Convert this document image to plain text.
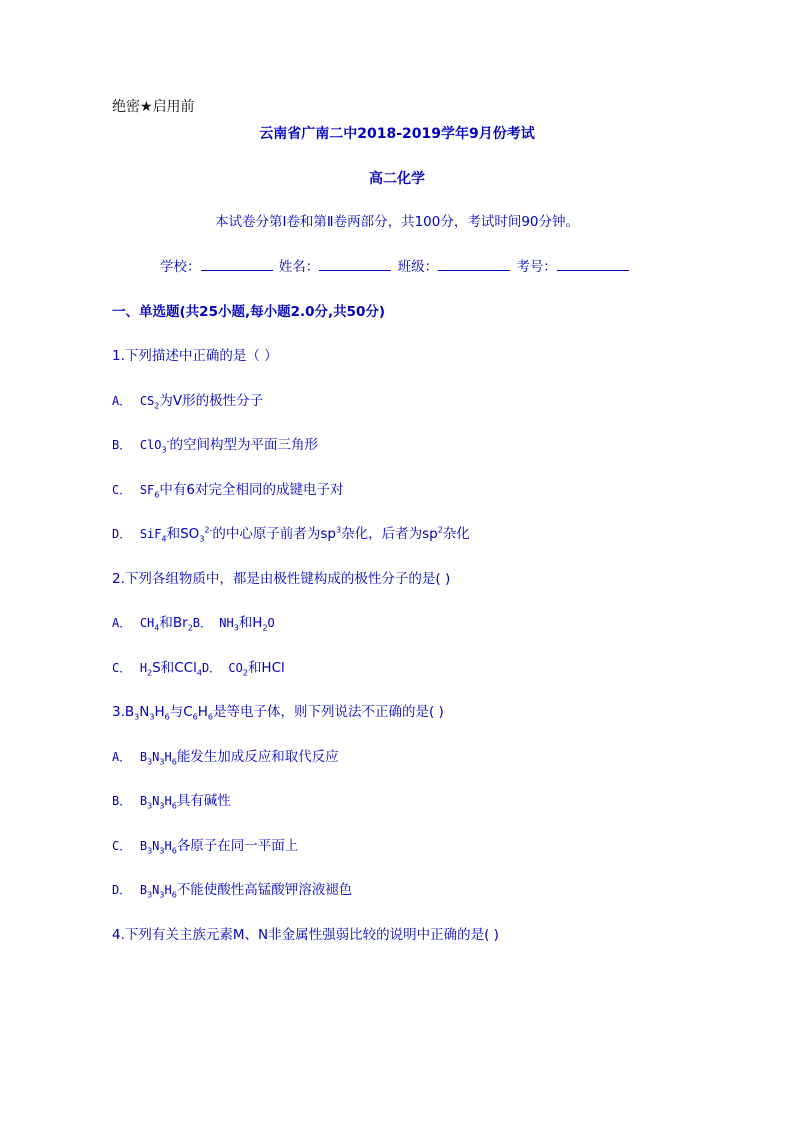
绝密★启用前
云南省广南二中2018-2019学年9月份考试
高二化学
本试卷分第Ⅰ卷和第Ⅱ卷两部分，共100分，考试时间90分钟。
学校：	姓名：	班级：	考号：
一、单选题(共25小题,每小题2.0分,共50分)
1.下列描述中正确的是（ ）
A． $CS_2$为V形的极性分子
B． ClO$_3$-的空间构型为平面三角形
C． $SF_6$中有6对完全相同的成键电子对
D． SiF$_4$和$SO_3^{2-}$的中心原子前者为$sp^3$杂化，后者为$sp^2$杂化
2.下列各组物质中，都是由极性键构成的极性分子的是( )
A． $CH_4$和$Br_2B$． $NH_3$和$H_2O$
C． $H_2S$和CCl$_4$D． $CO_2$和HCl
$3.B_3N_3H_6$与$C_6H_6$是等电子体，则下列说法不正确的是( )
A． $B_3N_3H_6$能发生加成反应和取代反应
B． $B_3N_3H_6$具有碱性
C． $B_3N_3H_6$各原子在同一平面上
D． $B_3N_3H_6$不能使酸性高锰酸钾溶液褪色
4.下列有关主族元素M、N非金属性强弱比较的说明中正确的是( )
